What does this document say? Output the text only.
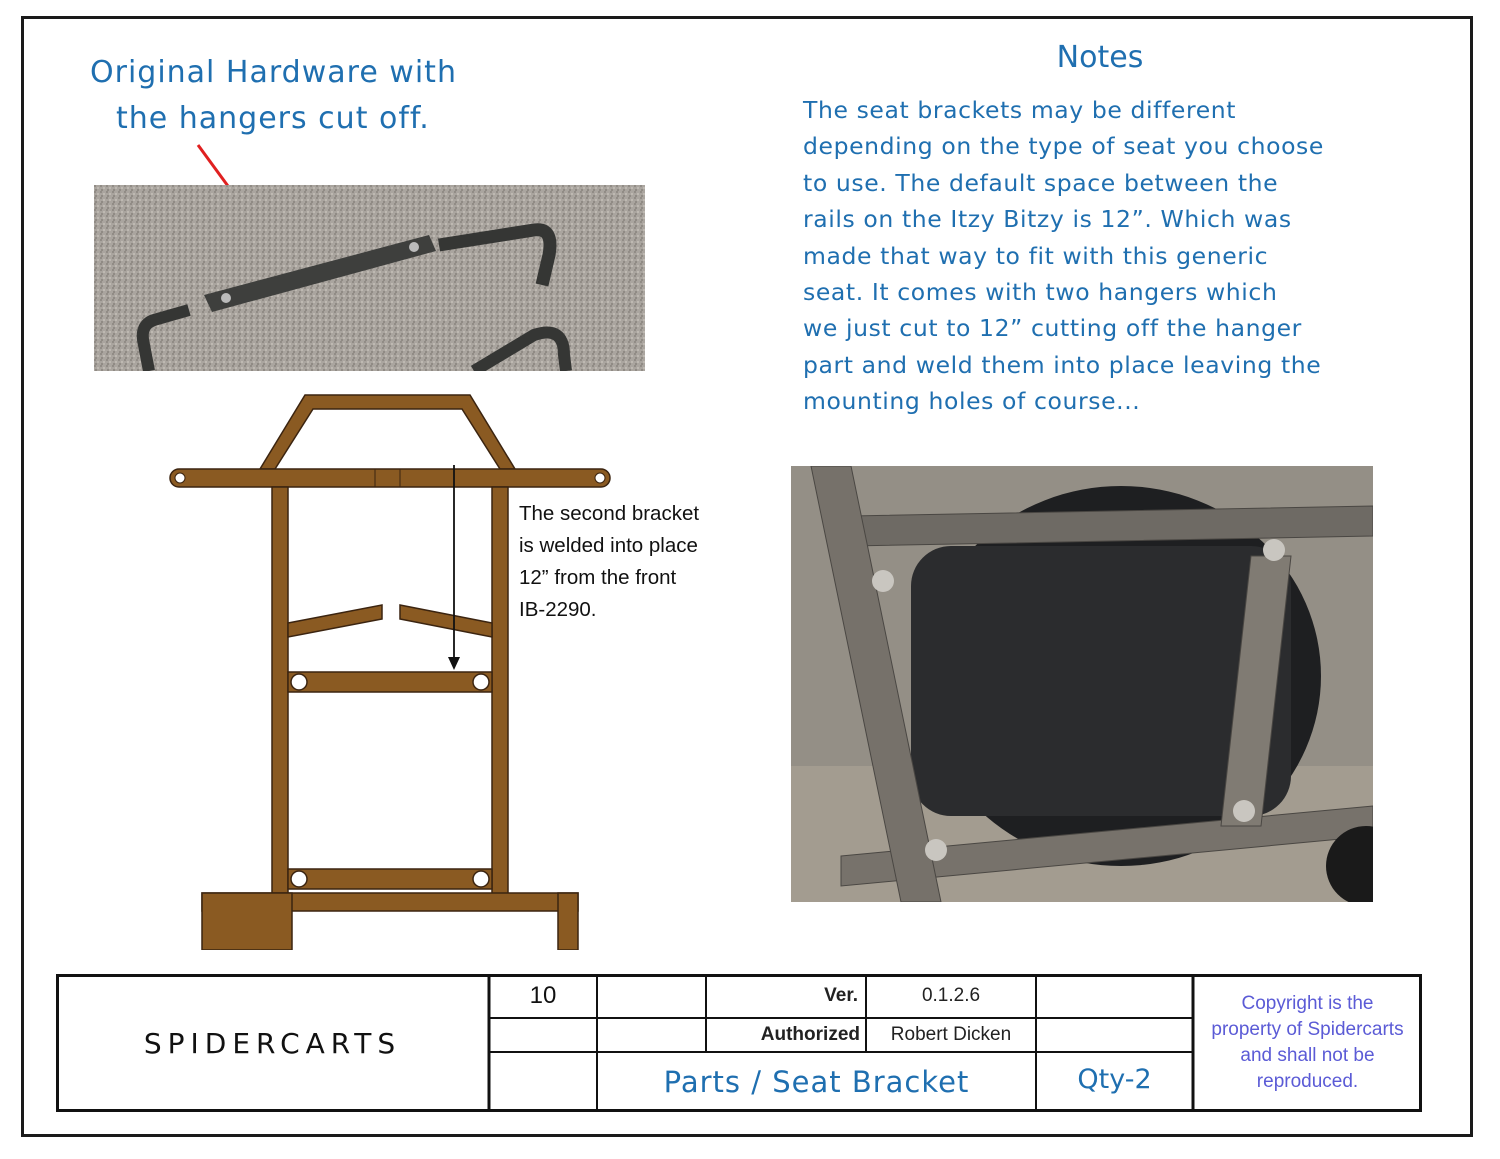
Original Hardware with
the hangers cut off.
Notes
The seat brackets may be different
depending on the type of seat you choose
to use. The default space between the
rails on the Itzy Bitzy is 12”. Which was
made that way to fit with this generic
seat. It comes with two hangers which
we just cut to 12” cutting off the hanger
part and weld them into place leaving the
mounting holes of course...
The second bracket
is welded into place
12” from the front
IB-2290.
SPIDERCARTS
10	Ver.	0.1.2.6
Authorized	Robert Dicken
Parts / Seat Bracket	Qty-2
Copyright is the
property of Spidercarts
and shall not be
reproduced.
